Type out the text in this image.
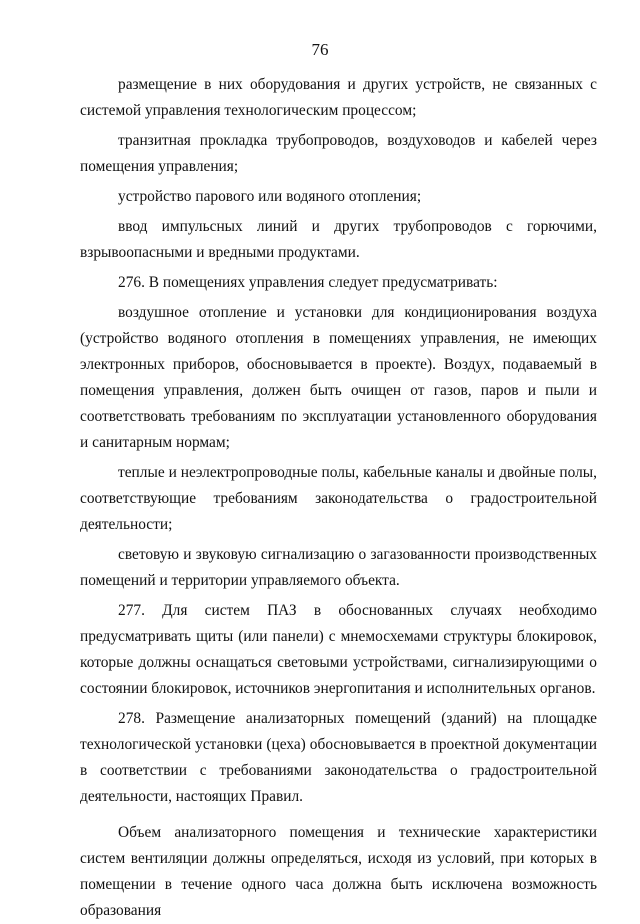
76

размещение в них оборудования и других устройств, не связанных с системой управления технологическим процессом;

транзитная прокладка трубопроводов, воздуховодов и кабелей через помещения управления;

устройство парового или водяного отопления;

ввод импульсных линий и других трубопроводов с горючими, взрывоопасными и вредными продуктами.

276. В помещениях управления следует предусматривать:

воздушное отопление и установки для кондиционирования воздуха (устройство водяного отопления в помещениях управления, не имеющих электронных приборов, обосновывается в проекте). Воздух, подаваемый в помещения управления, должен быть очищен от газов, паров и пыли и соответствовать требованиям по эксплуатации установленного оборудования и санитарным нормам;

теплые и неэлектропроводные полы, кабельные каналы и двойные полы, соответствующие требованиям законодательства о градостроительной деятельности;

световую и звуковую сигнализацию о загазованности производственных помещений и территории управляемого объекта.

277. Для систем ПАЗ в обоснованных случаях необходимо предусматривать щиты (или панели) с мнемосхемами структуры блокировок, которые должны оснащаться световыми устройствами, сигнализирующими о состоянии блокировок, источников энергопитания и исполнительных органов.

278. Размещение анализаторных помещений (зданий) на площадке технологической установки (цеха) обосновывается в проектной документации в соответствии с требованиями законодательства о градостроительной деятельности, настоящих Правил.

Объем анализаторного помещения и технические характеристики систем вентиляции должны определяться, исходя из условий, при которых в помещении в течение одного часа должна быть исключена возможность образования
